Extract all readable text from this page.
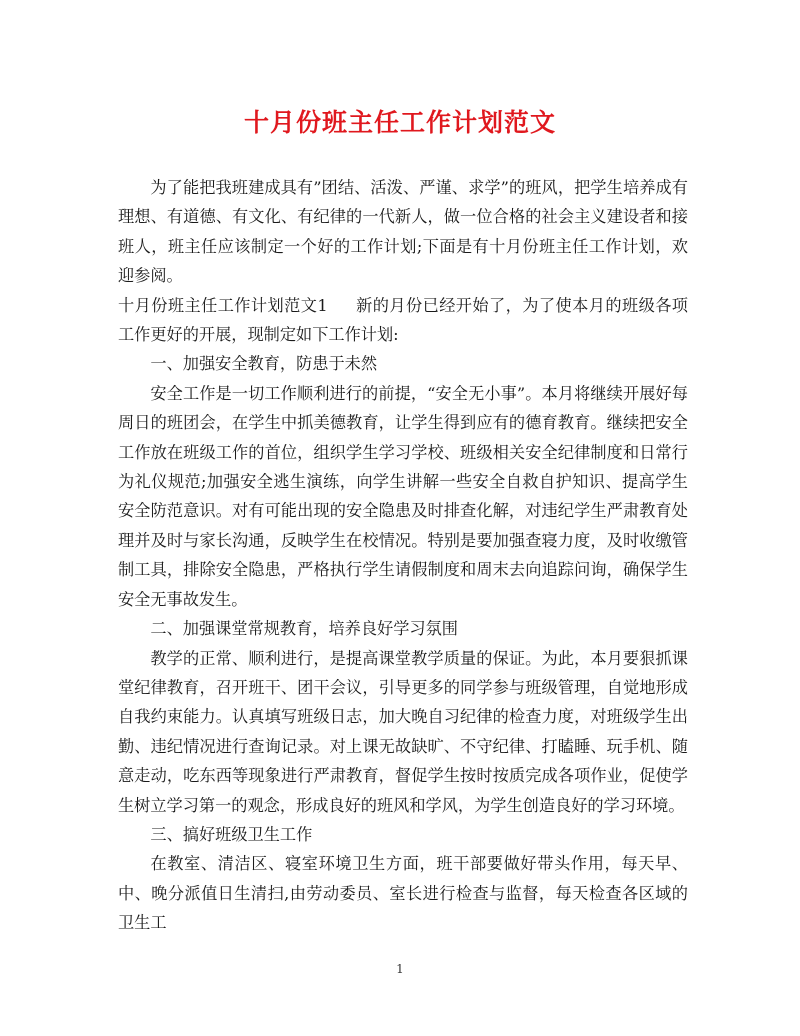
十月份班主任工作计划范文

为了能把我班建成具有”团结、活泼、严谨、求学”的班风，把学生培养成有理想、有道德、有文化、有纪律的一代新人，做一位合格的社会主义建设者和接班人，班主任应该制定一个好的工作计划;下面是有十月份班主任工作计划，欢迎参阅。

十月份班主任工作计划范文1 新的月份已经开始了，为了使本月的班级各项工作更好的开展，现制定如下工作计划:

一、加强安全教育，防患于未然

安全工作是一切工作顺利进行的前提，“安全无小事”。本月将继续开展好每周日的班团会，在学生中抓美德教育，让学生得到应有的德育教育。继续把安全工作放在班级工作的首位，组织学生学习学校、班级相关安全纪律制度和日常行为礼仪规范;加强安全逃生演练，向学生讲解一些安全自救自护知识、提高学生安全防范意识。对有可能出现的安全隐患及时排查化解，对违纪学生严肃教育处理并及时与家长沟通，反映学生在校情况。特别是要加强查寝力度，及时收缴管制工具，排除安全隐患，严格执行学生请假制度和周末去向追踪问询，确保学生安全无事故发生。

二、加强课堂常规教育，培养良好学习氛围

教学的正常、顺利进行，是提高课堂教学质量的保证。为此，本月要狠抓课堂纪律教育，召开班干、团干会议，引导更多的同学参与班级管理，自觉地形成自我约束能力。认真填写班级日志，加大晚自习纪律的检查力度，对班级学生出勤、违纪情况进行查询记录。对上课无故缺旷、不守纪律、打瞌睡、玩手机、随意走动，吃东西等现象进行严肃教育，督促学生按时按质完成各项作业，促使学生树立学习第一的观念，形成良好的班风和学风，为学生创造良好的学习环境。

三、搞好班级卫生工作

在教室、清洁区、寝室环境卫生方面，班干部要做好带头作用，每天早、中、晚分派值日生清扫,由劳动委员、室长进行检查与监督，每天检查各区域的卫生工

1
